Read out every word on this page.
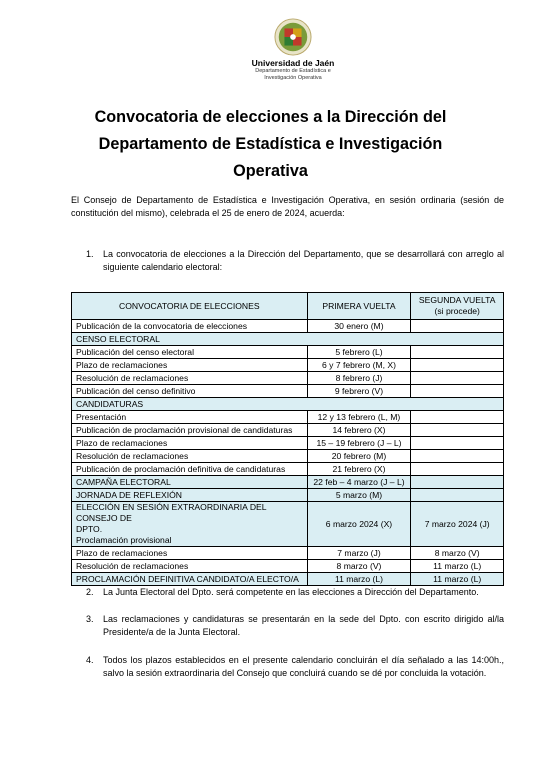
Universidad de Jaén
Departamento de Estadística e
Investigación Operativa
Convocatoria de elecciones a la Dirección del
Departamento de Estadística e Investigación Operativa
El Consejo de Departamento de Estadística e Investigación Operativa, en sesión ordinaria (sesión de constitución del mismo), celebrada el 25 de enero de 2024, acuerda:
1. La convocatoria de elecciones a la Dirección del Departamento, que se desarrollará con arreglo al siguiente calendario electoral:
CONVOCATORIA DE ELECCIONES	PRIMERA VUELTA	SEGUNDA VUELTA
(si procede)

Publicación de la convocatoria de elecciones	30 enero (M)	
CENSO ELECTORAL		
Publicación del censo electoral	5 febrero (L)	
Plazo de reclamaciones	6 y 7 febrero (M, X)	
Resolución de reclamaciones	8 febrero (J)	
Publicación del censo definitivo	9 febrero (V)	
CANDIDATURAS		
Presentación	12 y 13 febrero (L, M)	
Publicación de proclamación provisional de candidaturas	14 febrero (X)	
Plazo de reclamaciones	15 – 19 febrero (J – L)	
Resolución de reclamaciones	20 febrero (M)	
Publicación de proclamación definitiva de candidaturas	21 febrero (X)	
CAMPAÑA ELECTORAL	22 feb – 4 marzo (J – L)	
JORNADA DE REFLEXIÓN	5 marzo (M)	

ELECCIÓN EN SESIÓN EXTRAORDINARIA DEL CONSEJO DE
DPTO.
Proclamación provisional	6 marzo 2024 (X)	7 marzo 2024 (J)
Plazo de reclamaciones	7 marzo (J)	8 marzo (V)
Resolución de reclamaciones	8 marzo (V)	11 marzo (L)
PROCLAMACIÓN DEFINITIVA CANDIDATO/A ELECTO/A	11 marzo (L)	11 marzo (L)
2. La Junta Electoral del Dpto. será competente en las elecciones a Dirección del Departamento.
3. Las reclamaciones y candidaturas se presentarán en la sede del Dpto. con escrito dirigido al/la Presidente/a de la Junta Electoral.
4. Todos los plazos establecidos en el presente calendario concluirán el día señalado a las 14:00h., salvo la sesión extraordinaria del Consejo que concluirá cuando se dé por concluida la votación.
